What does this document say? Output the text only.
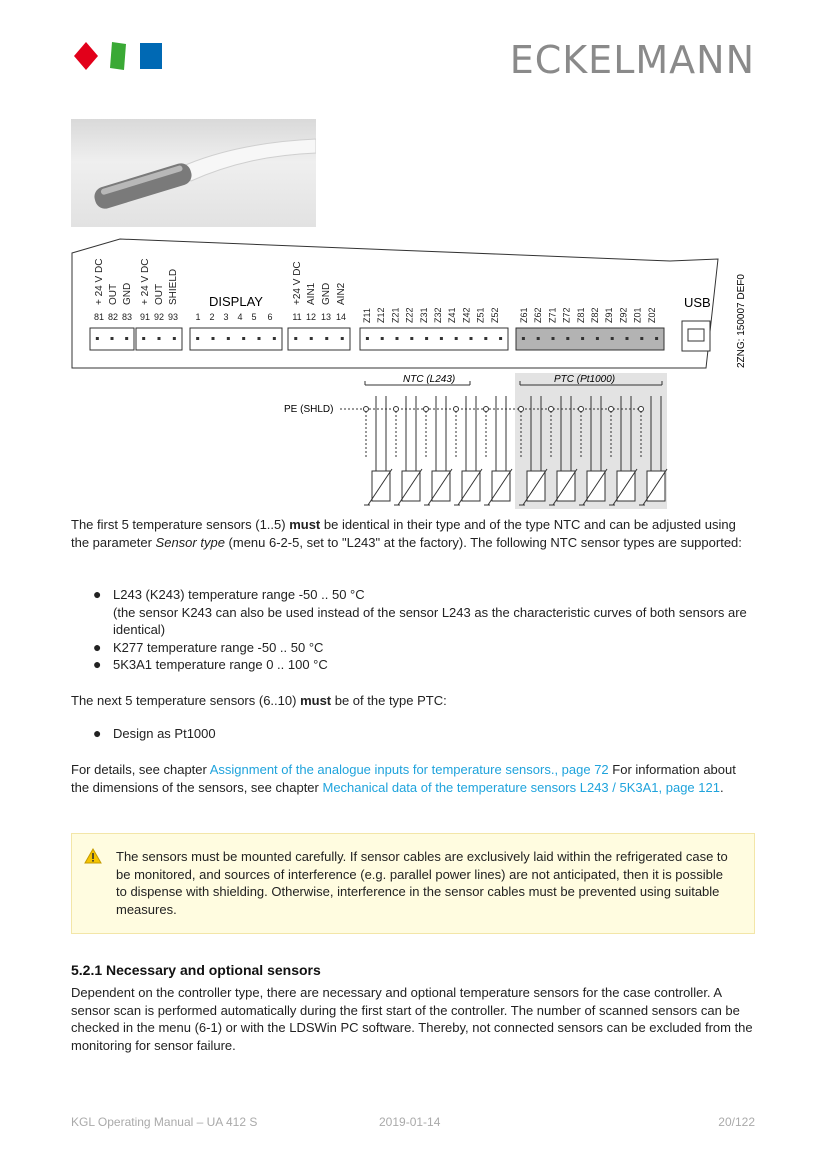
ECKELMANN
+ 24 V DC OUT GND + 24 V DC OUT SHIELD
81 82 83 91 92 93 1 2 3 4 5 6
+24 V DC AIN1 GND AIN2
11 12 13 14 Z11 Z12 Z21 Z22 Z31 Z32 Z41 Z42 Z51 Z52 Z61 Z62 Z71 Z72 Z81 Z82 Z91 Z92 Z01 Z02
DISPLAY	USB	2ZNG: 150007 DEF0
NTC (L243)	PTC (Pt1000)
PE (SHLD)

The first 5 temperature sensors (1..5) must be identical in their type and of the type NTC and can be adjusted using the parameter Sensor type (menu 6-2-5, set to "L243" at the factory). The following NTC sensor types are supported:

● L243 (K243) temperature range -50 .. 50 °C
(the sensor K243 can also be used instead of the sensor L243 as the characteristic curves of both sensors are identical)
● K277 temperature range -50 .. 50 °C
● 5K3A1 temperature range 0 .. 100 °C

The next 5 temperature sensors (6..10) must be of the type PTC:

● Design as Pt1000

For details, see chapter Assignment of the analogue inputs for temperature sensors., page 72 For information about the dimensions of the sensors, see chapter Mechanical data of the temperature sensors L243 / 5K3A1, page 121.

The sensors must be mounted carefully. If sensor cables are exclusively laid within the refrigerated case to be monitored, and sources of interference (e.g. parallel power lines) are not anticipated, then it is possible to dispense with shielding. Otherwise, interference in the sensor cables must be prevented using suitable measures.
5.2.1 Necessary and optional sensors

Dependent on the controller type, there are necessary and optional temperature sensors for the case controller. A sensor scan is performed automatically during the first start of the controller. The number of scanned sensors can be checked in the menu (6-1) or with the LDSWin PC software. Thereby, not connected sensors can be excluded from the monitoring for sensor failure.

KGL Operating Manual – UA 412 S	2019-01-14	20/122
